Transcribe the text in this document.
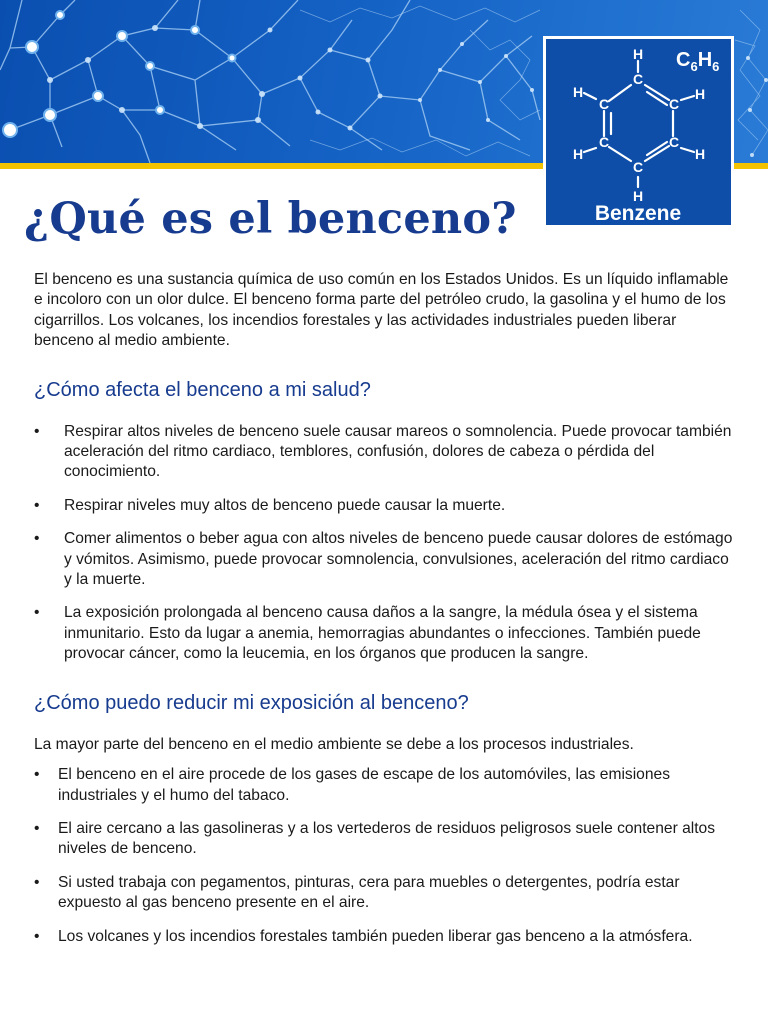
C
C	C
C	C
C
H
H
H
H
H
H
$C_6H_6$
Benzene
¿Qué es el benceno?

El benceno es una sustancia química de uso común en los Estados Unidos. Es un líquido inflamable e incoloro con un olor dulce. El benceno forma parte del petróleo crudo, la gasolina y el humo de los cigarrillos. Los volcanes, los incendios forestales y las actividades industriales pueden liberar benceno al medio ambiente.

¿Cómo afecta el benceno a mi salud?
• Respirar altos niveles de benceno suele causar mareos o somnolencia. Puede provocar también aceleración del ritmo cardiaco, temblores, confusión, dolores de cabeza o pérdida del conocimiento.
• Respirar niveles muy altos de benceno puede causar la muerte.
• Comer alimentos o beber agua con altos niveles de benceno puede causar dolores de estómago y vómitos. Asimismo, puede provocar somnolencia, convulsiones, aceleración del ritmo cardiaco y la muerte.
• La exposición prolongada al benceno causa daños a la sangre, la médula ósea y el sistema inmunitario. Esto da lugar a anemia, hemorragias abundantes o infecciones. También puede provocar cáncer, como la leucemia, en los órganos que producen la sangre.
¿Cómo puedo reducir mi exposición al benceno?

La mayor parte del benceno en el medio ambiente se debe a los procesos industriales.

• El benceno en el aire procede de los gases de escape de los automóviles, las emisiones industriales y el humo del tabaco.
• El aire cercano a las gasolineras y a los vertederos de residuos peligrosos suele contener altos niveles de benceno.
• Si usted trabaja con pegamentos, pinturas, cera para muebles o detergentes, podría estar expuesto al gas benceno presente en el aire.
• Los volcanes y los incendios forestales también pueden liberar gas benceno a la atmósfera.
